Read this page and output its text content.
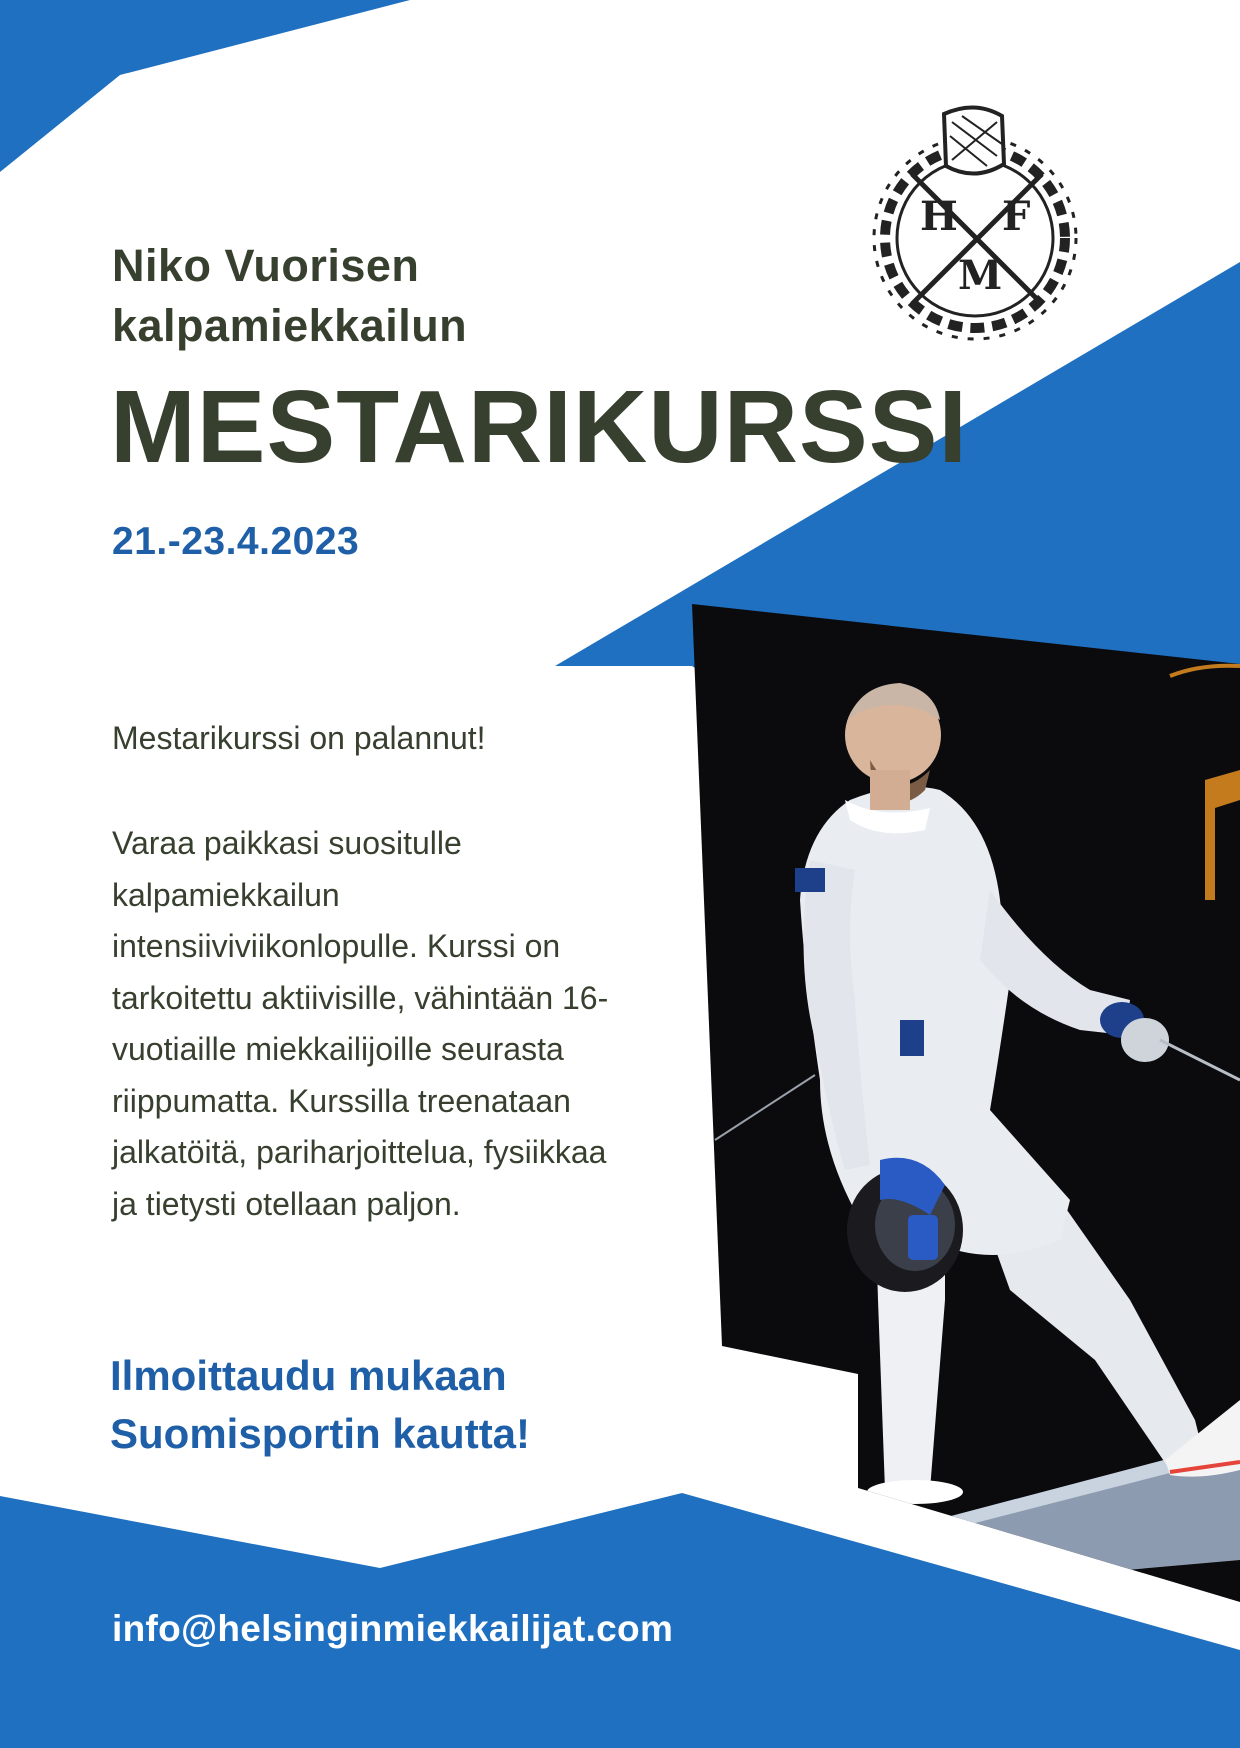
H F
M
Niko Vuorisen kalpamiekkailun
MESTARIKURSSI
21.-23.4.2023

Mestarikurssi on palannut!

Varaa paikkasi suositulle kalpamiekkailun intensiiviviikonlopulle. Kurssi on tarkoitettu aktiivisille, vähintään 16-vuotiaille miekkailijoille seurasta riippumatta. Kurssilla treenataan jalkatöitä, pariharjoittelua, fysiikkaa ja tietysti otellaan paljon.

Ilmoittaudu mukaan Suomisportin kautta!

info@helsinginmiekkailijat.com
